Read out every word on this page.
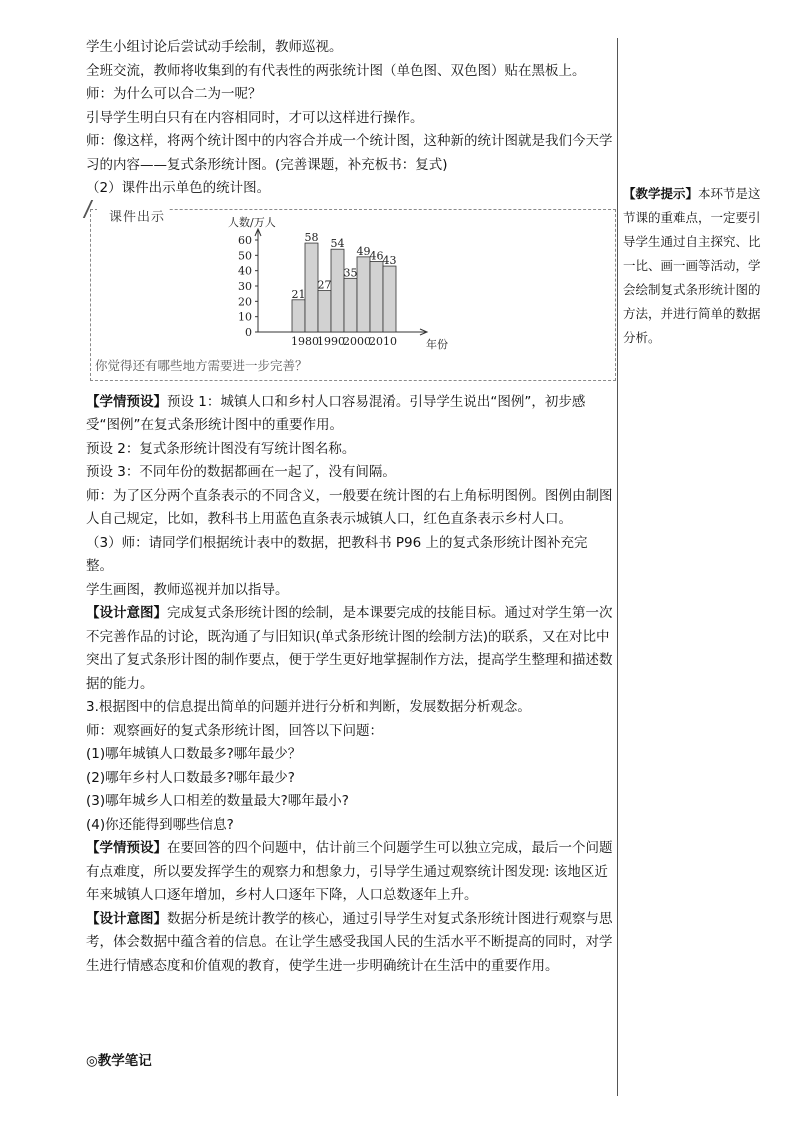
学生小组讨论后尝试动手绘制，教师巡视。

全班交流，教师将收集到的有代表性的两张统计图（单色图、双色图）贴在黑板上。

师：为什么可以合二为一呢？

引导学生明白只有在内容相同时，才可以这样进行操作。

师：像这样，将两个统计图中的内容合并成一个统计图，这种新的统计图就是我们今天学习的内容——复式条形统计图。(完善课题，补充板书：复式)

（2）课件出示单色的统计图。

课件出示
0
10
20
30
40
50
60
人数/万人
年份
21
58
27
54
35
49 46 43
1980
1990
2000
2010
你觉得还有哪些地方需要进一步完善？

【学情预设】预设 1：城镇人口和乡村人口容易混淆。引导学生说出“图例”，初步感受“图例”在复式条形统计图中的重要作用。

预设 2：复式条形统计图没有写统计图名称。

预设 3：不同年份的数据都画在一起了，没有间隔。

师：为了区分两个直条表示的不同含义，一般要在统计图的右上角标明图例。图例由制图人自己规定，比如，教科书上用蓝色直条表示城镇人口，红色直条表示乡村人口。

（3）师：请同学们根据统计表中的数据，把教科书 P96 上的复式条形统计图补充完整。

学生画图，教师巡视并加以指导。

【设计意图】完成复式条形统计图的绘制，是本课要完成的技能目标。通过对学生第一次不完善作品的讨论，既沟通了与旧知识(单式条形统计图的绘制方法)的联系，又在对比中突出了复式条形计图的制作要点，便于学生更好地掌握制作方法，提高学生整理和描述数据的能力。

3.根据图中的信息提出简单的问题并进行分析和判断，发展数据分析观念。

师：观察画好的复式条形统计图，回答以下问题：

(1)哪年城镇人口数最多?哪年最少？

(2)哪年乡村人口数最多?哪年最少?

(3)哪年城乡人口相差的数量最大?哪年最小?

(4)你还能得到哪些信息?

【学情预设】在要回答的四个问题中，估计前三个问题学生可以独立完成，最后一个问题有点难度，所以要发挥学生的观察力和想象力，引导学生通过观察统计图发现: 该地区近年来城镇人口逐年增加，乡村人口逐年下降，人口总数逐年上升。

【设计意图】数据分析是统计教学的核心，通过引导学生对复式条形统计图进行观察与思考，体会数据中蕴含着的信息。在让学生感受我国人民的生活水平不断提高的同时，对学生进行情感态度和价值观的教育，使学生进一步明确统计在生活中的重要作用。

【教学提示】本环节是这节课的重难点，一定要引导学生通过自主探究、比一比、画一画等活动，学会绘制复式条形统计图的方法，并进行简单的数据分析。
◎教学笔记
